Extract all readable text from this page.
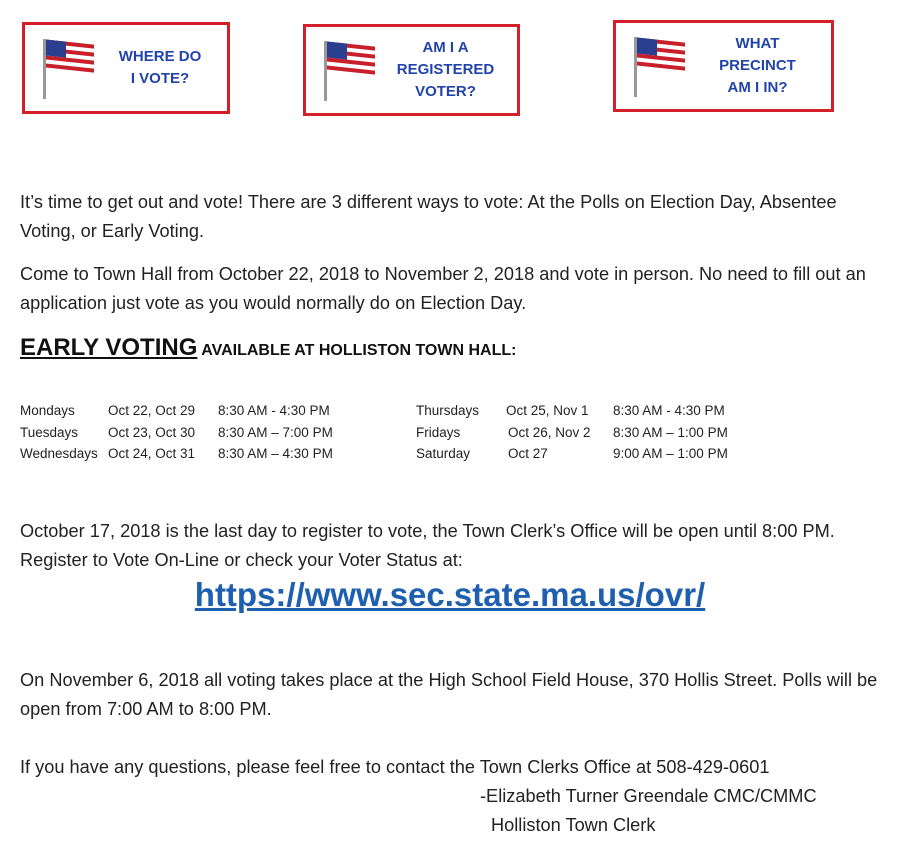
WHERE DO
I VOTE?
AM I A
REGISTERED
VOTER?
WHAT
PRECINCT
AM I IN?
It’s time to get out and vote! There are 3 different ways to vote: At the Polls on Election Day, Absentee Voting, or Early Voting.
Come to Town Hall from October 22, 2018 to November 2, 2018 and vote in person. No need to fill out an application just vote as you would normally do on Election Day.
EARLY VOTING AVAILABLE AT HOLLISTON TOWN HALL:
Mondays Oct 22, Oct 29 8:30 AM - 4:30 PM
Tuesdays Oct 23, Oct 30 8:30 AM – 7:00 PM
Wednesdays Oct 24, Oct 31 8:30 AM – 4:30 PM
Thursdays Oct 25, Nov 1 8:30 AM - 4:30 PM
Fridays	Oct 26, Nov 2 8:30 AM – 1:00 PM
Saturday	Oct 27	9:00 AM – 1:00 PM
October 17, 2018 is the last day to register to vote, the Town Clerk’s Office will be open until 8:00 PM. Register to Vote On-Line or check your Voter Status at:
https://www.sec.state.ma.us/ovr/
On November 6, 2018 all voting takes place at the High School Field House, 370 Hollis Street. Polls will be open from 7:00 AM to 8:00 PM.
If you have any questions, please feel free to contact the Town Clerks Office at 508-429-0601
-Elizabeth Turner Greendale CMC/CMMC
Holliston Town Clerk
